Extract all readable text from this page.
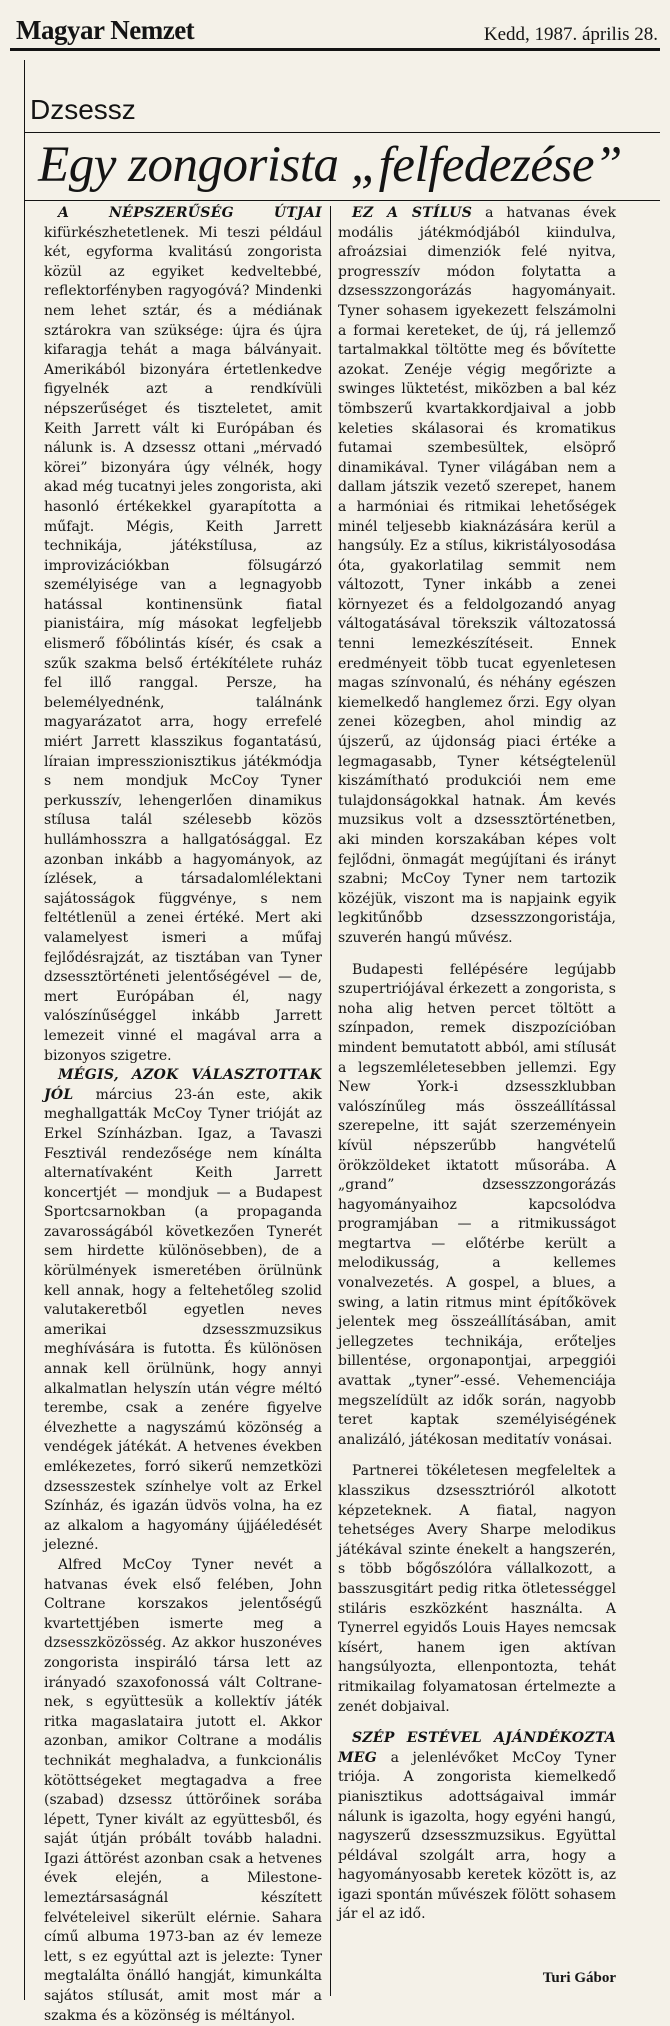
Magyar Nemzet	Kedd, 1987. április 28.
Dzsessz
Egy zongorista „felfedezése”

A NÉPSZERŰSÉG ÚTJAI kifürkészhetetlenek. Mi teszi például két, egyforma kvalitású zongorista közül az egyiket kedveltebbé, reflektorfényben ragyogóvá? Mindenki nem lehet sztár, és a médiának sztárokra van szüksége: újra és újra kifaragja tehát a maga bálványait. Amerikából bizonyára értetlenkedve figyelnék azt a rendkívüli népszerűséget és tiszteletet, amit Keith Jarrett vált ki Európában és nálunk is. A dzsessz ottani „mérvadó körei” bizonyára úgy vélnék, hogy akad még tucatnyi jeles zongorista, aki hasonló értékekkel gyarapította a műfajt. Mégis, Keith Jarrett technikája, játékstílusa, az improvizációkban fölsugárzó személyisége van a legnagyobb hatással kontinensünk fiatal pianistáira, míg másokat legfeljebb elismerő főbólintás kísér, és csak a szűk szakma belső értékítélete ruház fel illő ranggal. Persze, ha belemélyednénk, találnánk magyarázatot arra, hogy errefelé miért Jarrett klasszikus fogantatású, líraian impresszionisztikus játékmódja s nem mondjuk McCoy Tyner perkusszív, lehengerlően dinamikus stílusa talál szélesebb közös hullámhosszra a hallgatósággal. Ez azonban inkább a hagyományok, az ízlések, a társadalomlélektani sajátosságok függvénye, s nem feltétlenül a zenei értéké. Mert aki valamelyest ismeri a műfaj fejlődésrajzát, az tisztában van Tyner dzsessztörténeti jelentőségével — de, mert Európában él, nagy valószínűséggel inkább Jarrett lemezeit vinné el magával arra a bizonyos szigetre.

MÉGIS, AZOK VÁLASZTOTTAK JÓL március 23-án este, akik meghallgatták McCoy Tyner trióját az Erkel Színházban. Igaz, a Tavaszi Fesztivál rendezősége nem kínálta alternatívaként Keith Jarrett koncertjét — mondjuk — a Budapest Sportcsarnokban (a propaganda zavarosságából következően Tynerét sem hirdette különösebben), de a körülmények ismeretében örülnünk kell annak, hogy a feltehetőleg szolid valutakeretből egyetlen neves amerikai dzsesszmuzsikus meghívására is futotta. És különösen annak kell örülnünk, hogy annyi alkalmatlan helyszín után végre méltó terembe, csak a zenére figyelve élvezhette a nagyszámú közönség a vendégek játékát. A hetvenes években emlékezetes, forró sikerű nemzetközi dzsesszestek színhelye volt az Erkel Színház, és igazán üdvös volna, ha ez az alkalom a hagyomány újjáéledését jelezné.

Alfred McCoy Tyner nevét a hatvanas évek első felében, John Coltrane korszakos jelentőségű kvartettjében ismerte meg a dzsesszközösség. Az akkor huszonéves zongorista inspiráló társa lett az irányadó szaxofonossá vált Coltrane-nek, s együttesük a kollektív játék ritka magaslataira jutott el. Akkor azonban, amikor Coltrane a modális technikát meghaladva, a funkcionális kötöttségeket megtagadva a free (szabad) dzsessz úttörőinek sorába lépett, Tyner kivált az együttesből, és saját útján próbált tovább haladni. Igazi áttörést azonban csak a hetvenes évek elején, a Milestone-lemeztársaságnál készített felvételeivel sikerült elérnie. Sahara című albuma 1973-ban az év lemeze lett, s ez egyúttal azt is jelezte: Tyner megtalálta önálló hangját, kimunkálta sajátos stílusát, amit most már a szakma és a közönség is méltányol.

EZ A STÍLUS a hatvanas évek modális játékmódjából kiindulva, afroázsiai dimenziók felé nyitva, progresszív módon folytatta a dzsesszzongorázás hagyományait. Tyner sohasem igyekezett felszámolni a formai kereteket, de új, rá jellemző tartalmakkal töltötte meg és bővítette azokat. Zenéje végig megőrizte a swinges lüktetést, miközben a bal kéz tömbszerű kvartakkordjaival a jobb keleties skálasorai és kromatikus futamai szembesültek, elsöprő dinamikával. Tyner világában nem a dallam játszik vezető szerepet, hanem a harmóniai és ritmikai lehetőségek minél teljesebb kiaknázására kerül a hangsúly. Ez a stílus, kikristályosodása óta, gyakorlatilag semmit nem változott, Tyner inkább a zenei környezet és a feldolgozandó anyag váltogatásával törekszik változatossá tenni lemezkészítéseit. Ennek eredményeit több tucat egyenletesen magas színvonalú, és néhány egészen kiemelkedő hanglemez őrzi. Egy olyan zenei közegben, ahol mindig az újszerű, az újdonság piaci értéke a legmagasabb, Tyner kétségtelenül kiszámítható produkciói nem eme tulajdonságokkal hatnak. Ám kevés muzsikus volt a dzsessztörténetben, aki minden korszakában képes volt fejlődni, önmagát megújítani és irányt szabni; McCoy Tyner nem tartozik közéjük, viszont ma is napjaink egyik legkitűnőbb dzsesszzongoristája, szuverén hangú művész.

Budapesti fellépésére legújabb szupertriójával érkezett a zongorista, s noha alig hetven percet töltött a színpadon, remek diszpozícióban mindent bemutatott abból, ami stílusát a legszemléletesebben jellemzi. Egy New York-i dzsesszklubban valószínűleg más összeállítással szerepelne, itt saját szerzeményein kívül népszerűbb hangvételű örökzöldeket iktatott műsorába. A „grand” dzsesszzongorázás hagyományaihoz kapcsolódva programjában — a ritmikusságot megtartva — előtérbe került a melodikusság, a kellemes vonalvezetés. A gospel, a blues, a swing, a latin ritmus mint építőkövek jelentek meg összeállításában, amit jellegzetes technikája, erőteljes billentése, orgonapontjai, arpeggiói avattak „tyner”-essé. Vehemenciája megszelídült az idők során, nagyobb teret kaptak személyiségének analizáló, játékosan meditatív vonásai.

Partnerei tökéletesen megfeleltek a klasszikus dzsessztrióról alkotott képzeteknek. A fiatal, nagyon tehetséges Avery Sharpe melodikus játékával szinte énekelt a hangszerén, s több bőgőszólóra vállalkozott, a basszusgitárt pedig ritka ötletességgel stiláris eszközként használta. A Tynerrel egyidős Louis Hayes nemcsak kísért, hanem igen aktívan hangsúlyozta, ellenpontozta, tehát ritmikailag folyamatosan értelmezte a zenét dobjaival.

SZÉP ESTÉVEL AJÁNDÉKOZTA MEG a jelenlévőket McCoy Tyner triója. A zongorista kiemelkedő pianisztikus adottságaival immár nálunk is igazolta, hogy egyéni hangú, nagyszerű dzsesszmuzsikus. Együttal példával szolgált arra, hogy a hagyományosabb keretek között is, az igazi spontán művészek fölött sohasem jár el az idő.

Turi Gábor
